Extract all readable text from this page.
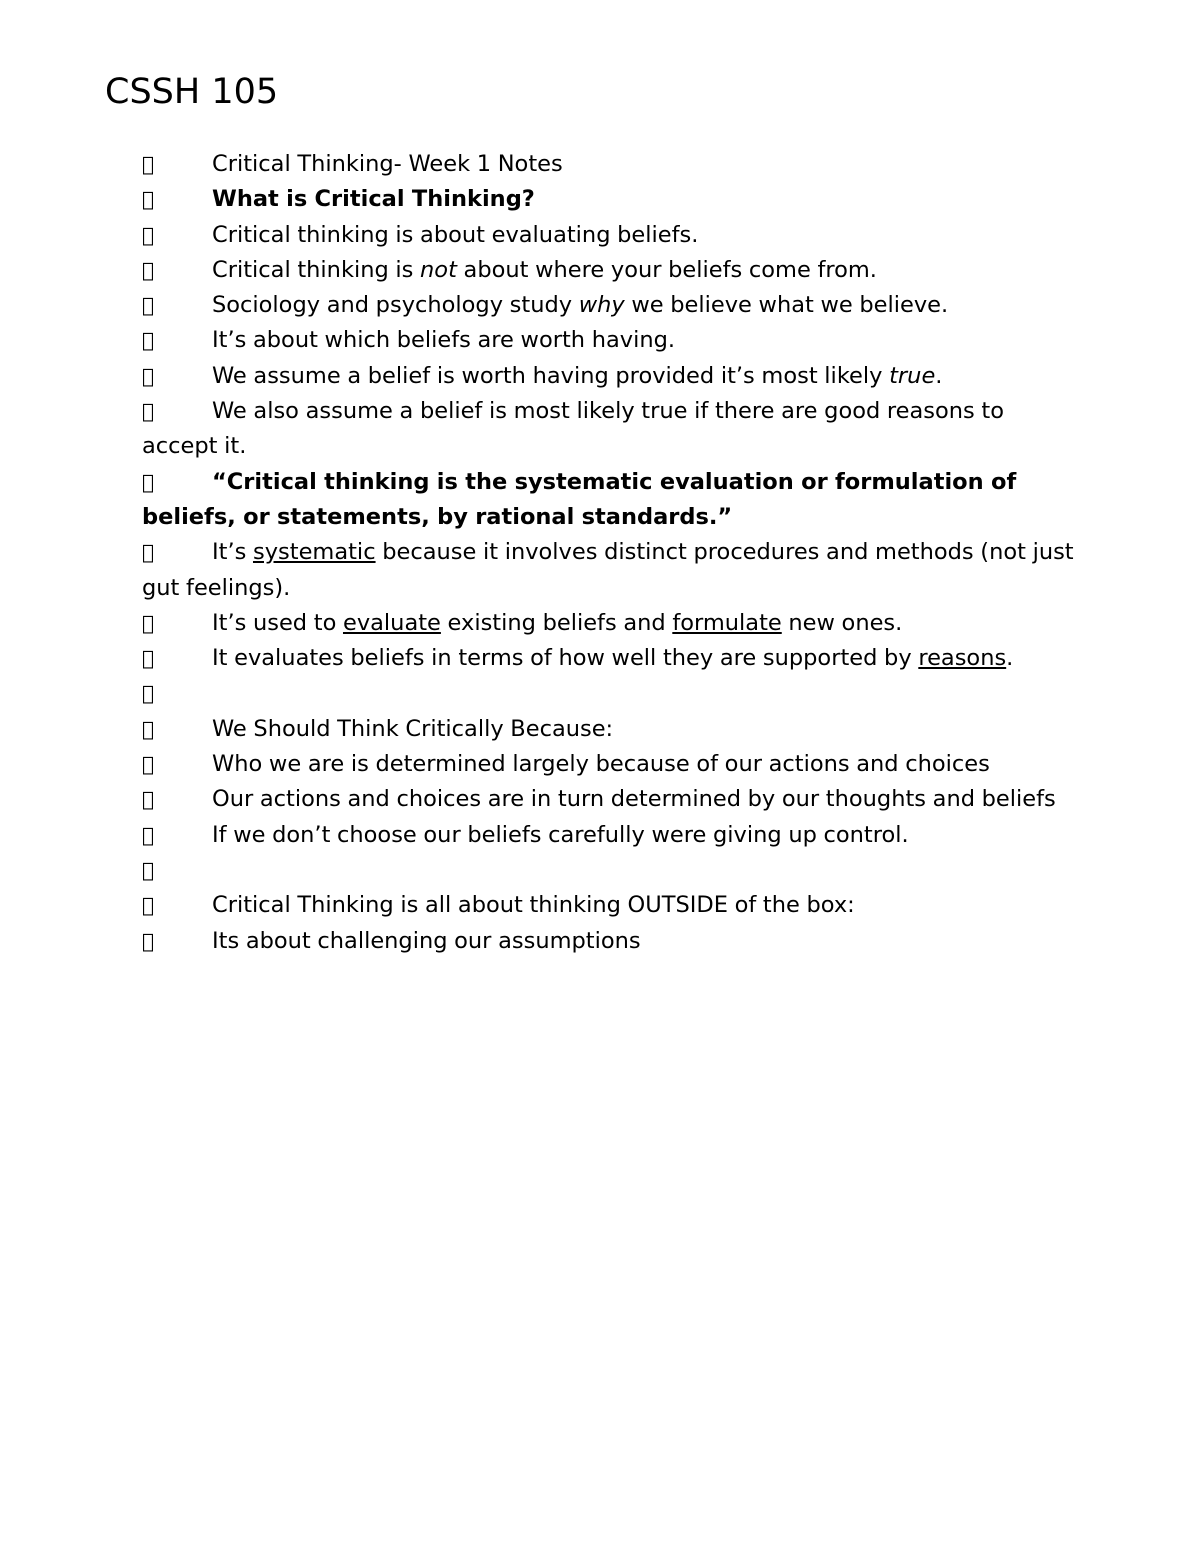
CSSH 105

Critical Thinking- Week 1 Notes

What is Critical Thinking?

Critical thinking is about evaluating beliefs.

Critical thinking is not about where your beliefs come from.

Sociology and psychology study why we believe what we believe.

It’s about which beliefs are worth having.

We assume a belief is worth having provided it’s most likely true.

We also assume a belief is most likely true if there are good reasons to accept it.

“Critical thinking is the systematic evaluation or formulation of beliefs, or statements, by rational standards.”

It’s systematic because it involves distinct procedures and methods (not just gut feelings).

It’s used to evaluate existing beliefs and formulate new ones.

It evaluates beliefs in terms of how well they are supported by reasons.

We Should Think Critically Because:

Who we are is determined largely because of our actions and choices

Our actions and choices are in turn determined by our thoughts and beliefs

If we don’t choose our beliefs carefully were giving up control.

Critical Thinking is all about thinking OUTSIDE of the box:

Its about challenging our assumptions
